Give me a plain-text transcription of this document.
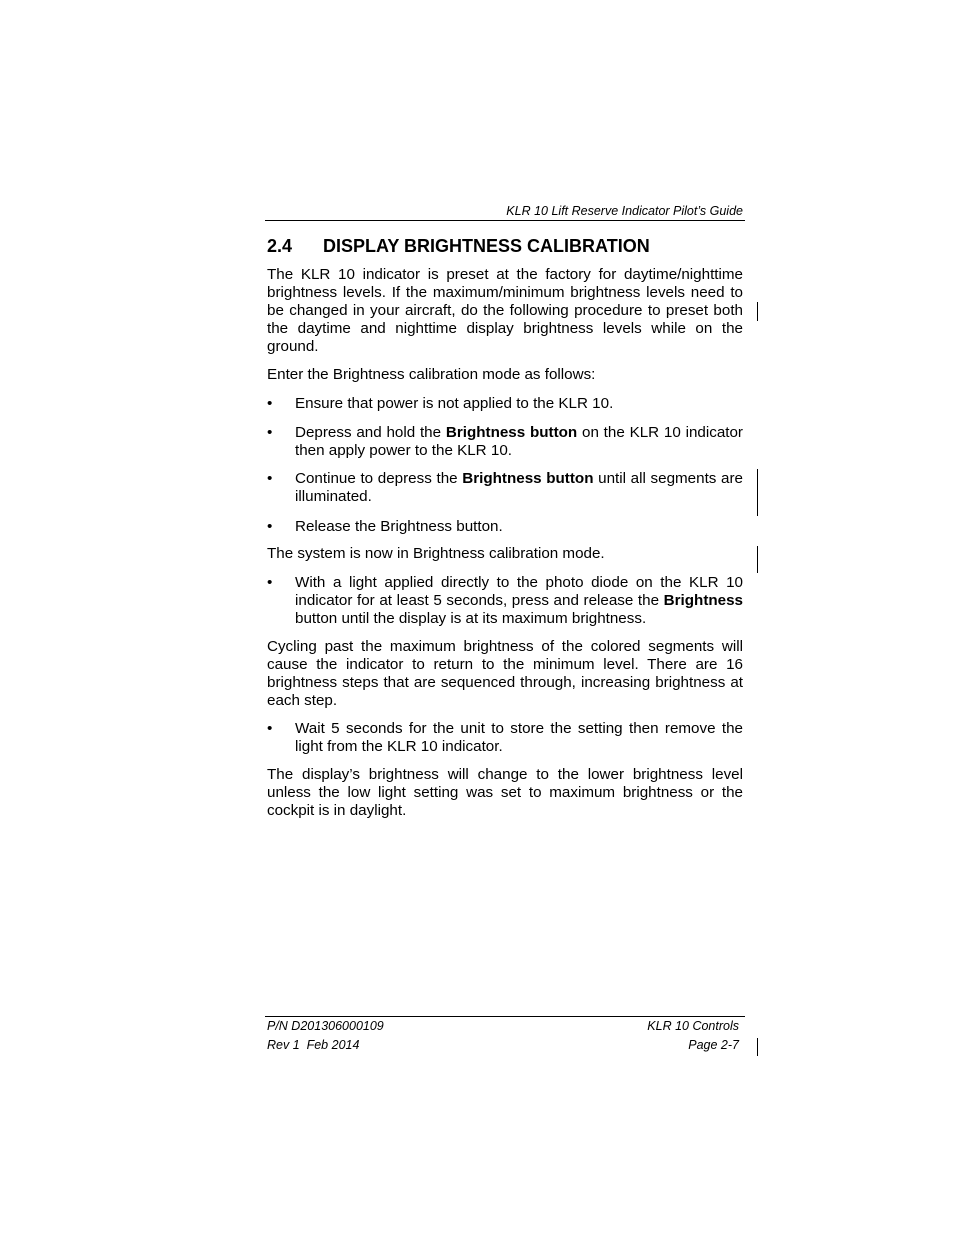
KLR 10 Lift Reserve Indicator Pilot’s Guide
2.4 DISPLAY BRIGHTNESS CALIBRATION
The KLR 10 indicator is preset at the factory for daytime/nighttime brightness levels. If the maximum/minimum brightness levels need to be changed in your aircraft, do the following procedure to preset both the daytime and nighttime display brightness levels while on the ground.
Enter the Brightness calibration mode as follows:
•	Ensure that power is not applied to the KLR 10.
•	Depress and hold the Brightness button on the KLR 10 indicator then apply power to the KLR 10.
•	Continue to depress the Brightness button until all segments are illuminated.
•	Release the Brightness button.
The system is now in Brightness calibration mode.
•	With a light applied directly to the photo diode on the KLR 10 indicator for at least 5 seconds, press and release the Brightness button until the display is at its maximum brightness.
Cycling past the maximum brightness of the colored segments will cause the indicator to return to the minimum level. There are 16 brightness steps that are sequenced through, increasing brightness at each step.
•	Wait 5 seconds for the unit to store the setting then remove the light from the KLR 10 indicator.
The display’s brightness will change to the lower brightness level unless the low light setting was set to maximum brightness or the cockpit is in daylight.
P/N D201306000109
Rev 1  Feb 2014
KLR 10 Controls
Page 2-7
